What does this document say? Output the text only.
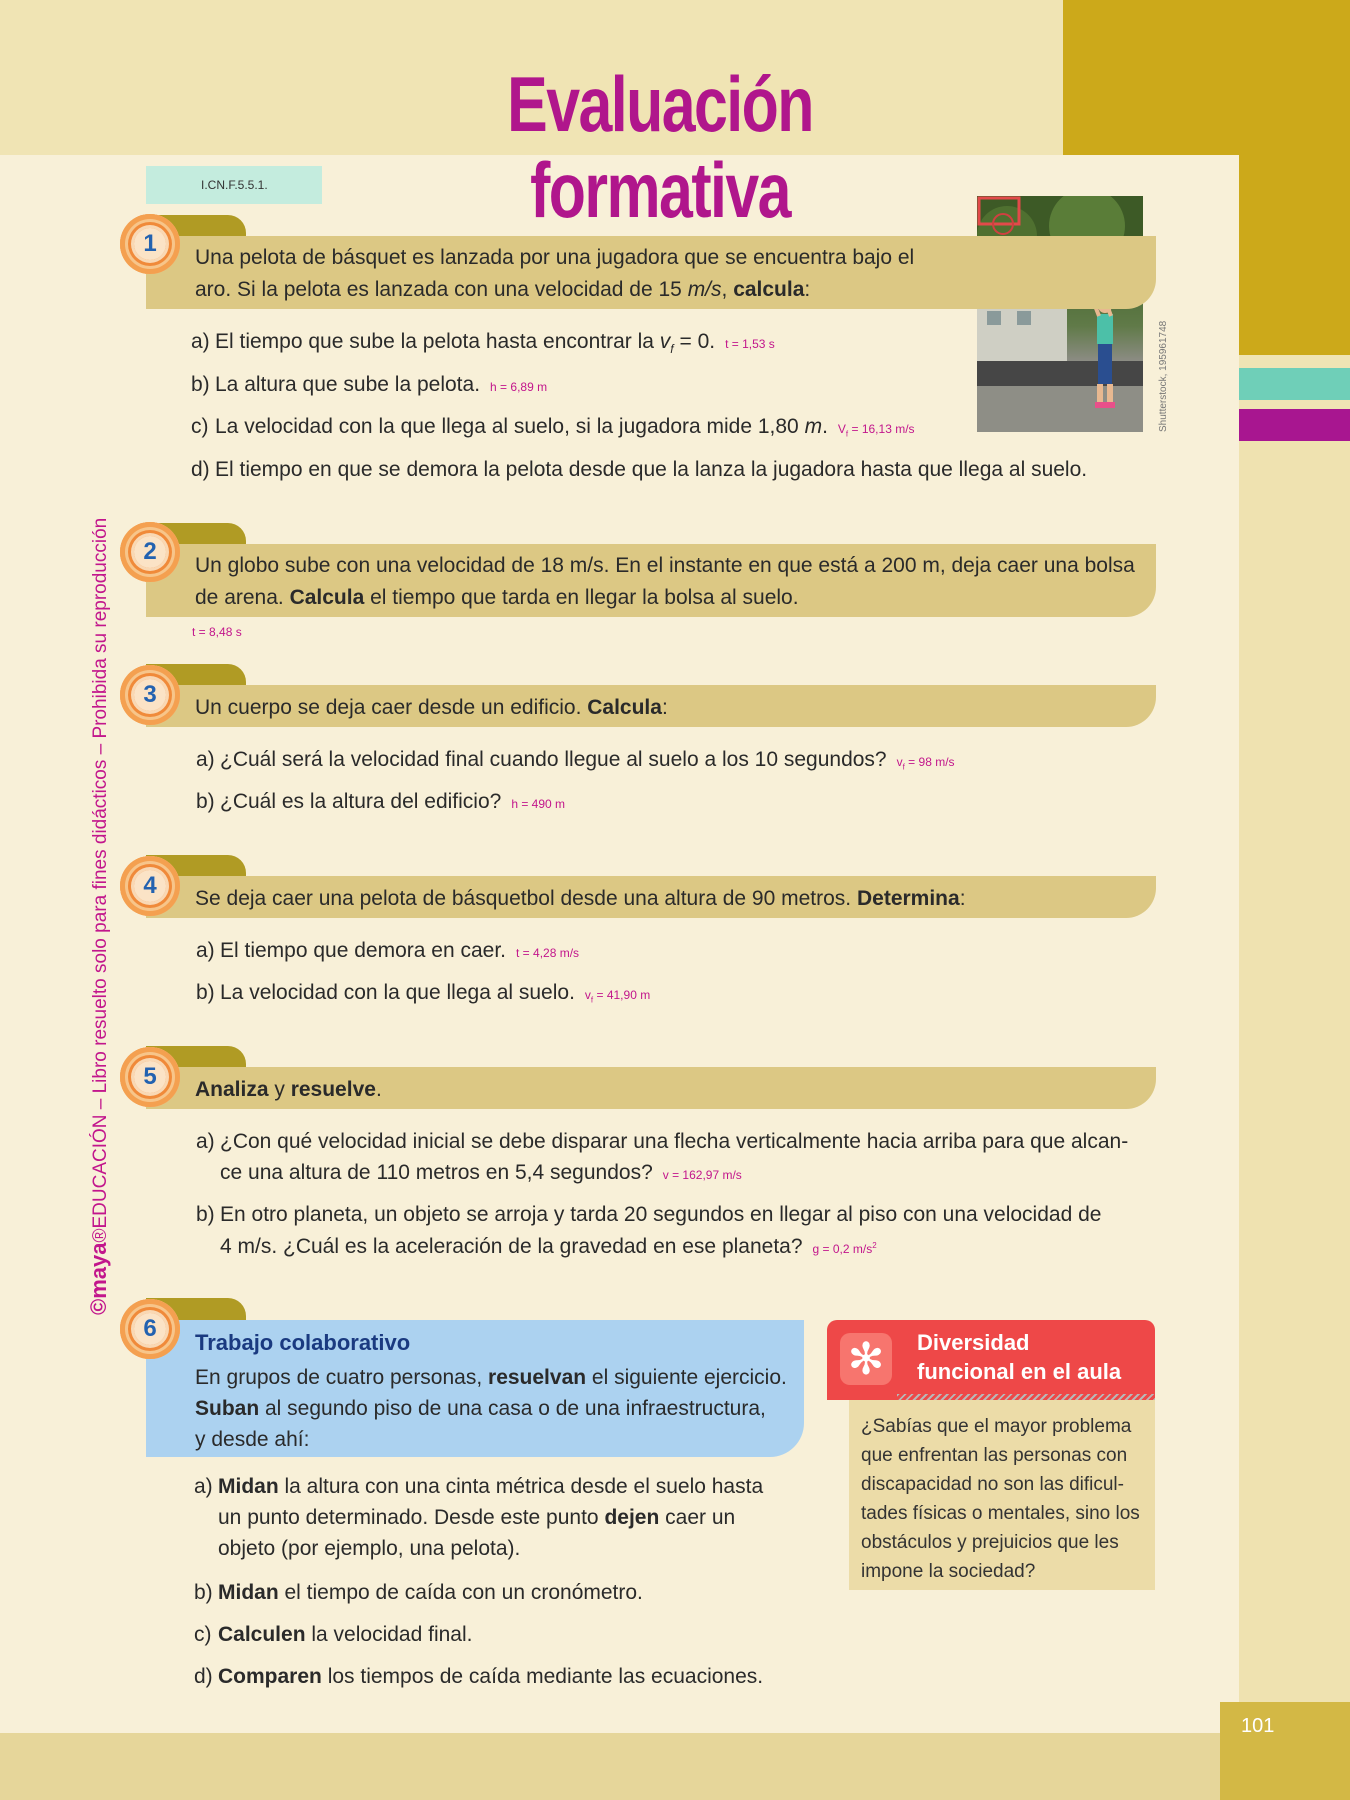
101
Evaluación formativa
I.CN.F.5.5.1.
©maya®EDUCACIÓN – Libro resuelto solo para fines didácticos – Prohibida su reproducción
Shutterstock, 195961748
1
Una pelota de básquet es lanzada por una jugadora que se encuentra bajo el
aro. Si la pelota es lanzada con una velocidad de 15 m/s, calcula:
a) El tiempo que sube la pelota hasta encontrar la $v_f = 0$. t = 1,53 s
b) La altura que sube la pelota. h = 6,89 m
c) La velocidad con la que llega al suelo, si la jugadora mide 1,80 m. $V_f = 16,13$ m/s
d) El tiempo en que se demora la pelota desde que la lanza la jugadora hasta que llega al suelo.
2
Un globo sube con una velocidad de 18 m/s. En el instante en que está a 200 m, deja caer una bolsa
de arena. Calcula el tiempo que tarda en llegar la bolsa al suelo.
t = 8,48 s
3	Un cuerpo se deja caer desde un edificio. Calcula:
a) ¿Cuál será la velocidad final cuando llegue al suelo a los 10 segundos? $v_f = 98$ m/s
b) ¿Cuál es la altura del edificio? h = 490 m
4	Se deja caer una pelota de básquetbol desde una altura de 90 metros. Determina:
a) El tiempo que demora en caer. t = 4,28 m/s
b) La velocidad con la que llega al suelo. $v_f = 41,90$ m
5	Analiza y resuelve.
a) ¿Con qué velocidad inicial se debe disparar una flecha verticalmente hacia arriba para que alcan-
ce una altura de 110 metros en 5,4 segundos? v = 162,97 m/s
b) En otro planeta, un objeto se arroja y tarda 20 segundos en llegar al piso con una velocidad de
4 m/s. ¿Cuál es la aceleración de la gravedad en ese planeta? g = 0,2 $m/s^2$
6
Trabajo colaborativo
En grupos de cuatro personas, resuelvan el siguiente ejercicio.
Suban al segundo piso de una casa o de una infraestructura,
y desde ahí:
a) Midan la altura con una cinta métrica desde el suelo hasta
un punto determinado. Desde este punto dejen caer un
objeto (por ejemplo, una pelota).
b) Midan el tiempo de caída con un cronómetro.
c) Calculen la velocidad final.
d) Comparen los tiempos de caída mediante las ecuaciones.
✻	Diversidad
funcional en el aula
¿Sabías que el mayor problema que enfrentan las personas con discapacidad no son las dificul-tades físicas o mentales, sino los obstáculos y prejuicios que les impone la sociedad?
